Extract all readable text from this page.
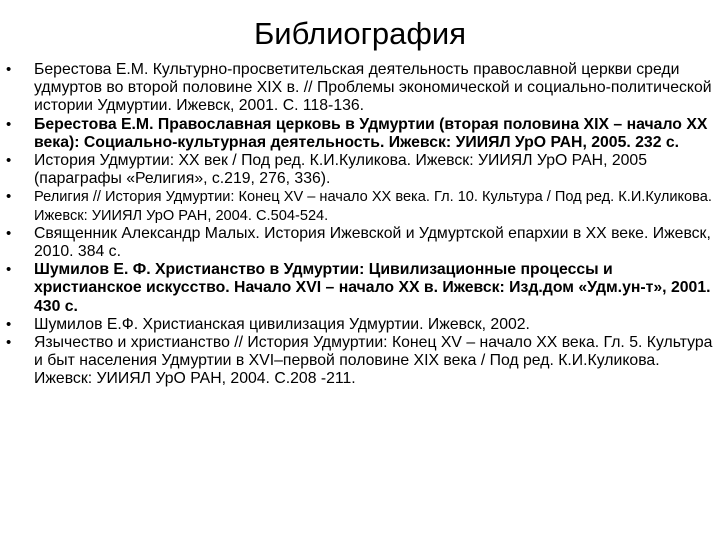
Библиография
• Берестова Е.М. Культурно-просветительская деятельность православной церкви среди удмуртов во второй половине XIX в. // Проблемы экономической и социально-политической истории Удмуртии. Ижевск, 2001. С. 118-136.
• Берестова Е.М. Православная церковь в Удмуртии (вторая половина XIX – начало XX века): Социально-культурная деятельность. Ижевск: УИИЯЛ УрО РАН, 2005. 232 с.
• История Удмуртии: XX век / Под ред. К.И.Куликова. Ижевск: УИИЯЛ УрО РАН, 2005 (параграфы «Религия», с.219, 276, 336).
• Религия // История Удмуртии: Конец XV – начало XX века. Гл. 10. Культура / Под ред. К.И.Куликова. Ижевск: УИИЯЛ УрО РАН, 2004. С.504-524.
• Священник Александр Малых. История Ижевской и Удмуртской епархии в XX веке. Ижевск, 2010. 384 с.
• Шумилов Е. Ф. Христианство в Удмуртии: Цивилизационные процессы и христианское искусство. Начало XVI – начало XX в. Ижевск: Изд.дом «Удм.ун-т», 2001. 430 с.
• Шумилов Е.Ф. Христианская цивилизация Удмуртии. Ижевск, 2002.
• Язычество и христианство // История Удмуртии: Конец XV – начало XX века. Гл. 5. Культура и быт населения Удмуртии в XVI–первой половине XIX века / Под ред. К.И.Куликова. Ижевск: УИИЯЛ УрО РАН, 2004. С.208 -211.
